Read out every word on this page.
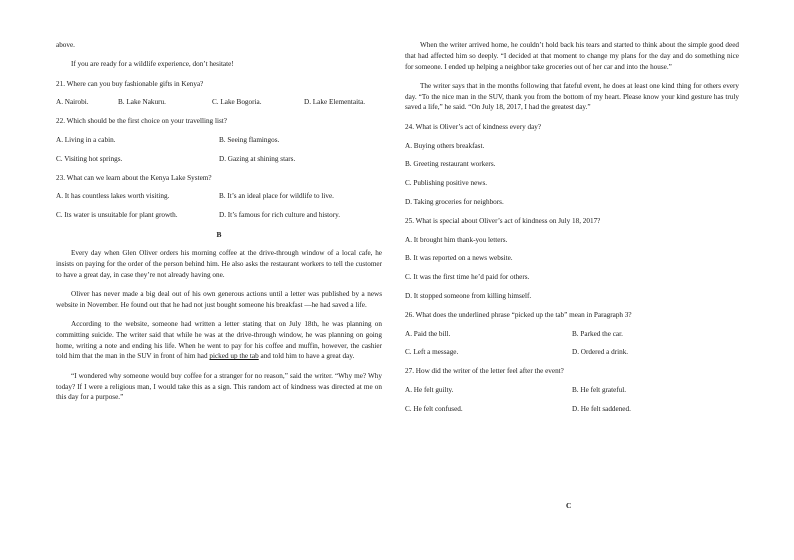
above.

If you are ready for a wildlife experience, don’t hesitate!

21. Where can you buy fashionable gifts in Kenya?
A. Nairobi.	B. Lake Nakuru.	C. Lake Bogoria.	D. Lake Elementaita.
22. Which should be the first choice on your travelling list?
A. Living in a cabin.	B. Seeing flamingos.
C. Visiting hot springs.	D. Gazing at shining stars.
23. What can we learn about the Kenya Lake System?
A. It has countless lakes worth visiting.	B. It’s an ideal place for wildlife to live.
C. Its water is unsuitable for plant growth.	D. It’s famous for rich culture and history.
B

Every day when Glen Oliver orders his morning coffee at the drive-through window of a local cafe, he insists on paying for the order of the person behind him. He also asks the restaurant workers to tell the customer to have a great day, in case they’re not already having one.

Oliver has never made a big deal out of his own generous actions until a letter was published by a news website in November. He found out that he had not just bought someone his breakfast —he had saved a life.

According to the website, someone had written a letter stating that on July 18th, he was planning on committing suicide. The writer said that while he was at the drive-through window, he was planning on going home, writing a note and ending his life. When he went to pay for his coffee and muffin, however, the cashier told him that the man in the SUV in front of him had picked up the tab and told him to have a great day.

“I wondered why someone would buy coffee for a stranger for no reason,” said the writer. “Why me? Why today? If I were a religious man, I would take this as a sign. This random act of kindness was directed at me on this day for a purpose.”

When the writer arrived home, he couldn’t hold back his tears and started to think about the simple good deed that had affected him so deeply. “I decided at that moment to change my plans for the day and do something nice for someone. I ended up helping a neighbor take groceries out of her car and into the house.”

The writer says that in the months following that fateful event, he does at least one kind thing for others every day. “To the nice man in the SUV, thank you from the bottom of my heart. Please know your kind gesture has truly saved a life,” he said. “On July 18, 2017, I had the greatest day.”

24. What is Oliver’s act of kindness every day?
A. Buying others breakfast.
B. Greeting restaurant workers.
C. Publishing positive news.
D. Taking groceries for neighbors.
25. What is special about Oliver’s act of kindness on July 18, 2017?
A. It brought him thank-you letters.
B. It was reported on a news website.
C. It was the first time he’d paid for others.
D. It stopped someone from killing himself.
26. What does the underlined phrase “picked up the tab” mean in Paragraph 3?
A. Paid the bill.	B. Parked the car.
C. Left a message.	D. Ordered a drink.
27. How did the writer of the letter feel after the event?
A. He felt guilty.	B. He felt grateful.
C. He felt confused.	D. He felt saddened.
C
